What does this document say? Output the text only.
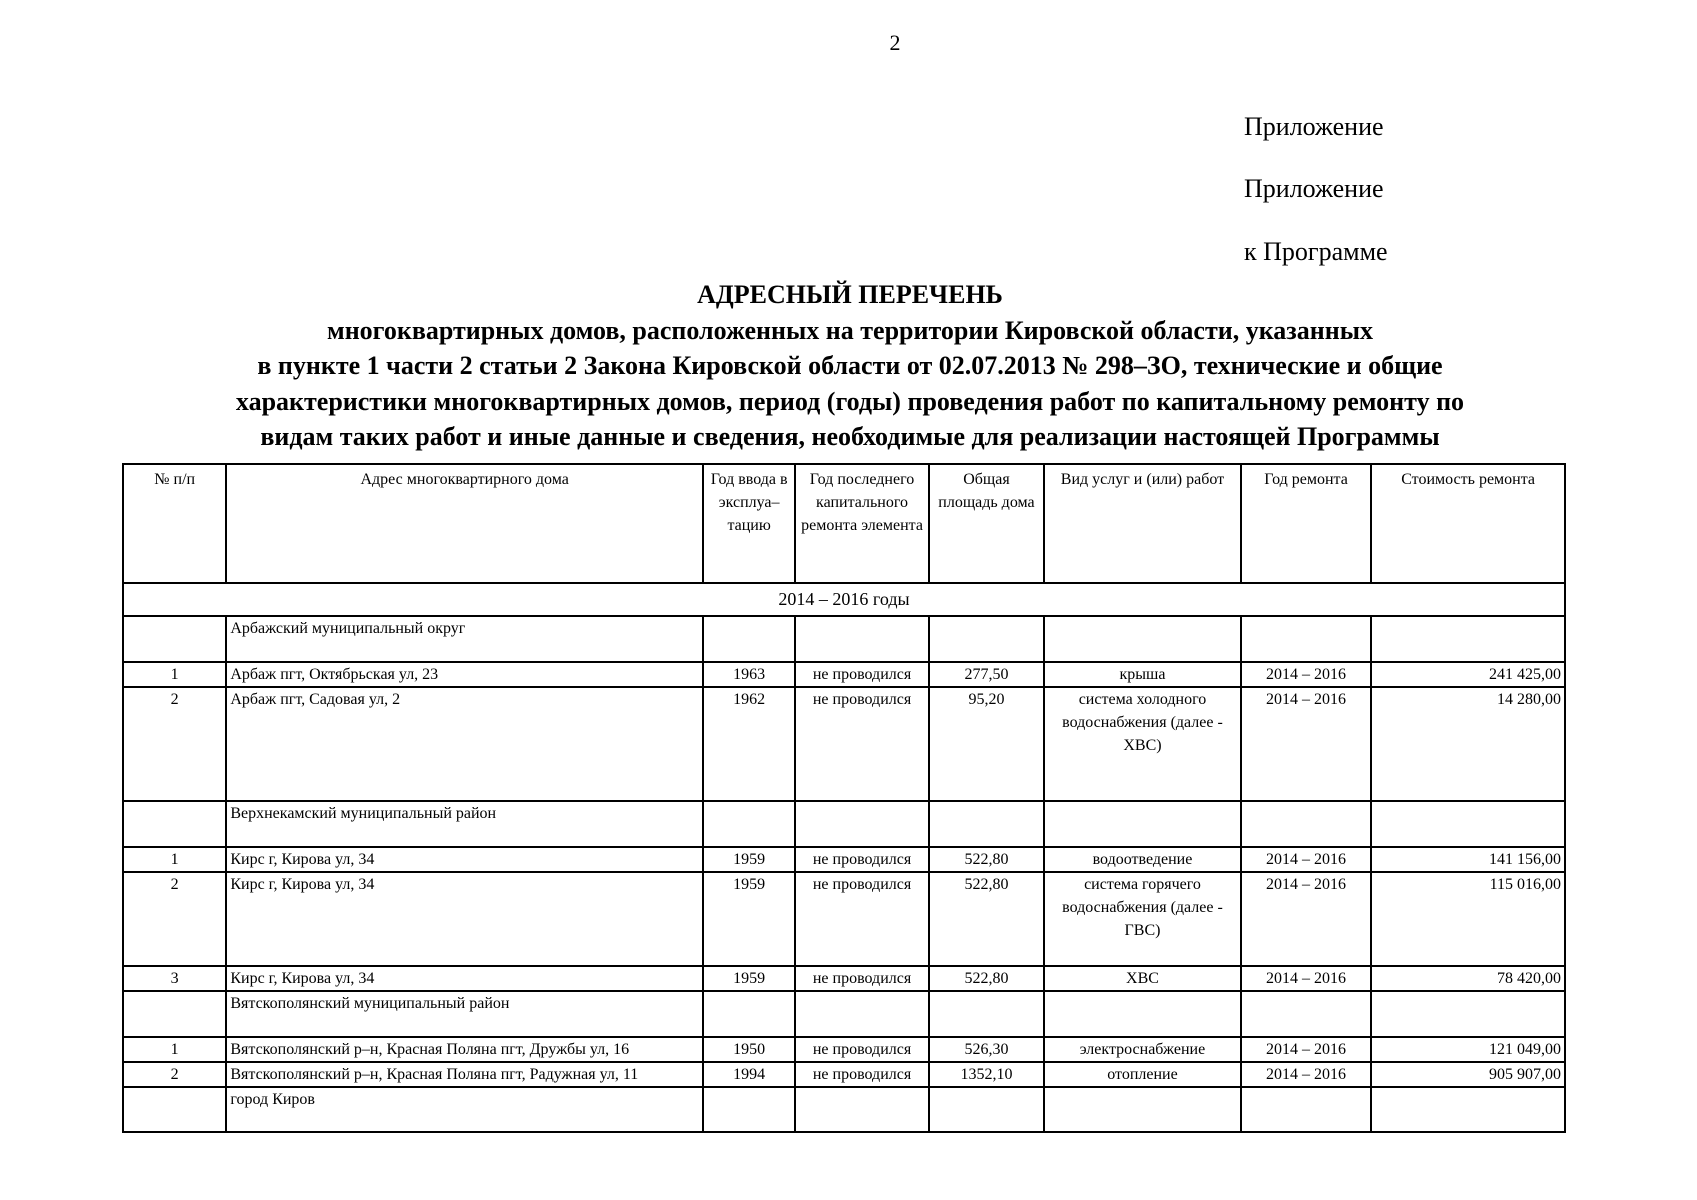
2
Приложение
Приложение
к Программе
АДРЕСНЫЙ ПЕРЕЧЕНЬ
многоквартирных домов, расположенных на территории Кировской области, указанных
в пункте 1 части 2 статьи 2 Закона Кировской области от 02.07.2013 № 298–ЗО, технические и общие
характеристики многоквартирных домов, период (годы) проведения работ по капитальному ремонту по
видам таких работ и иные данные и сведения, необходимые для реализации настоящей Программы
№ п/п	Адрес многоквартирного дома	Год ввода в эксплуа– тацию	Год последнего капитального ремонта элемента	Общая площадь дома	Вид услуг и (или) работ	Год ремонта	Стоимость ремонта
2014 – 2016 годы							
	Арбажский муниципальный округ						
1	Арбаж пгт, Октябрьская ул, 23	1963	не проводился	277,50	крыша	2014 – 2016	241 425,00
2	Арбаж пгт, Садовая ул, 2	1962	не проводился	95,20	система холодного водоснабжения (далее - ХВС)	2014 – 2016	14 280,00
	Верхнекамский муниципальный район						
1	Кирс г, Кирова ул, 34	1959	не проводился	522,80	водоотведение	2014 – 2016	141 156,00
2	Кирс г, Кирова ул, 34	1959	не проводился	522,80	система горячего водоснабжения (далее - ГВС)	2014 – 2016	115 016,00
3	Кирс г, Кирова ул, 34	1959	не проводился	522,80	ХВС	2014 – 2016	78 420,00
	Вятскополянский муниципальный район						
1	Вятскополянский р–н, Красная Поляна пгт, Дружбы ул, 16	1950	не проводился	526,30	электроснабжение	2014 – 2016	121 049,00
2	Вятскополянский р–н, Красная Поляна пгт, Радужная ул, 11	1994	не проводился	1352,10	отопление	2014 – 2016	905 907,00
	город Киров						
